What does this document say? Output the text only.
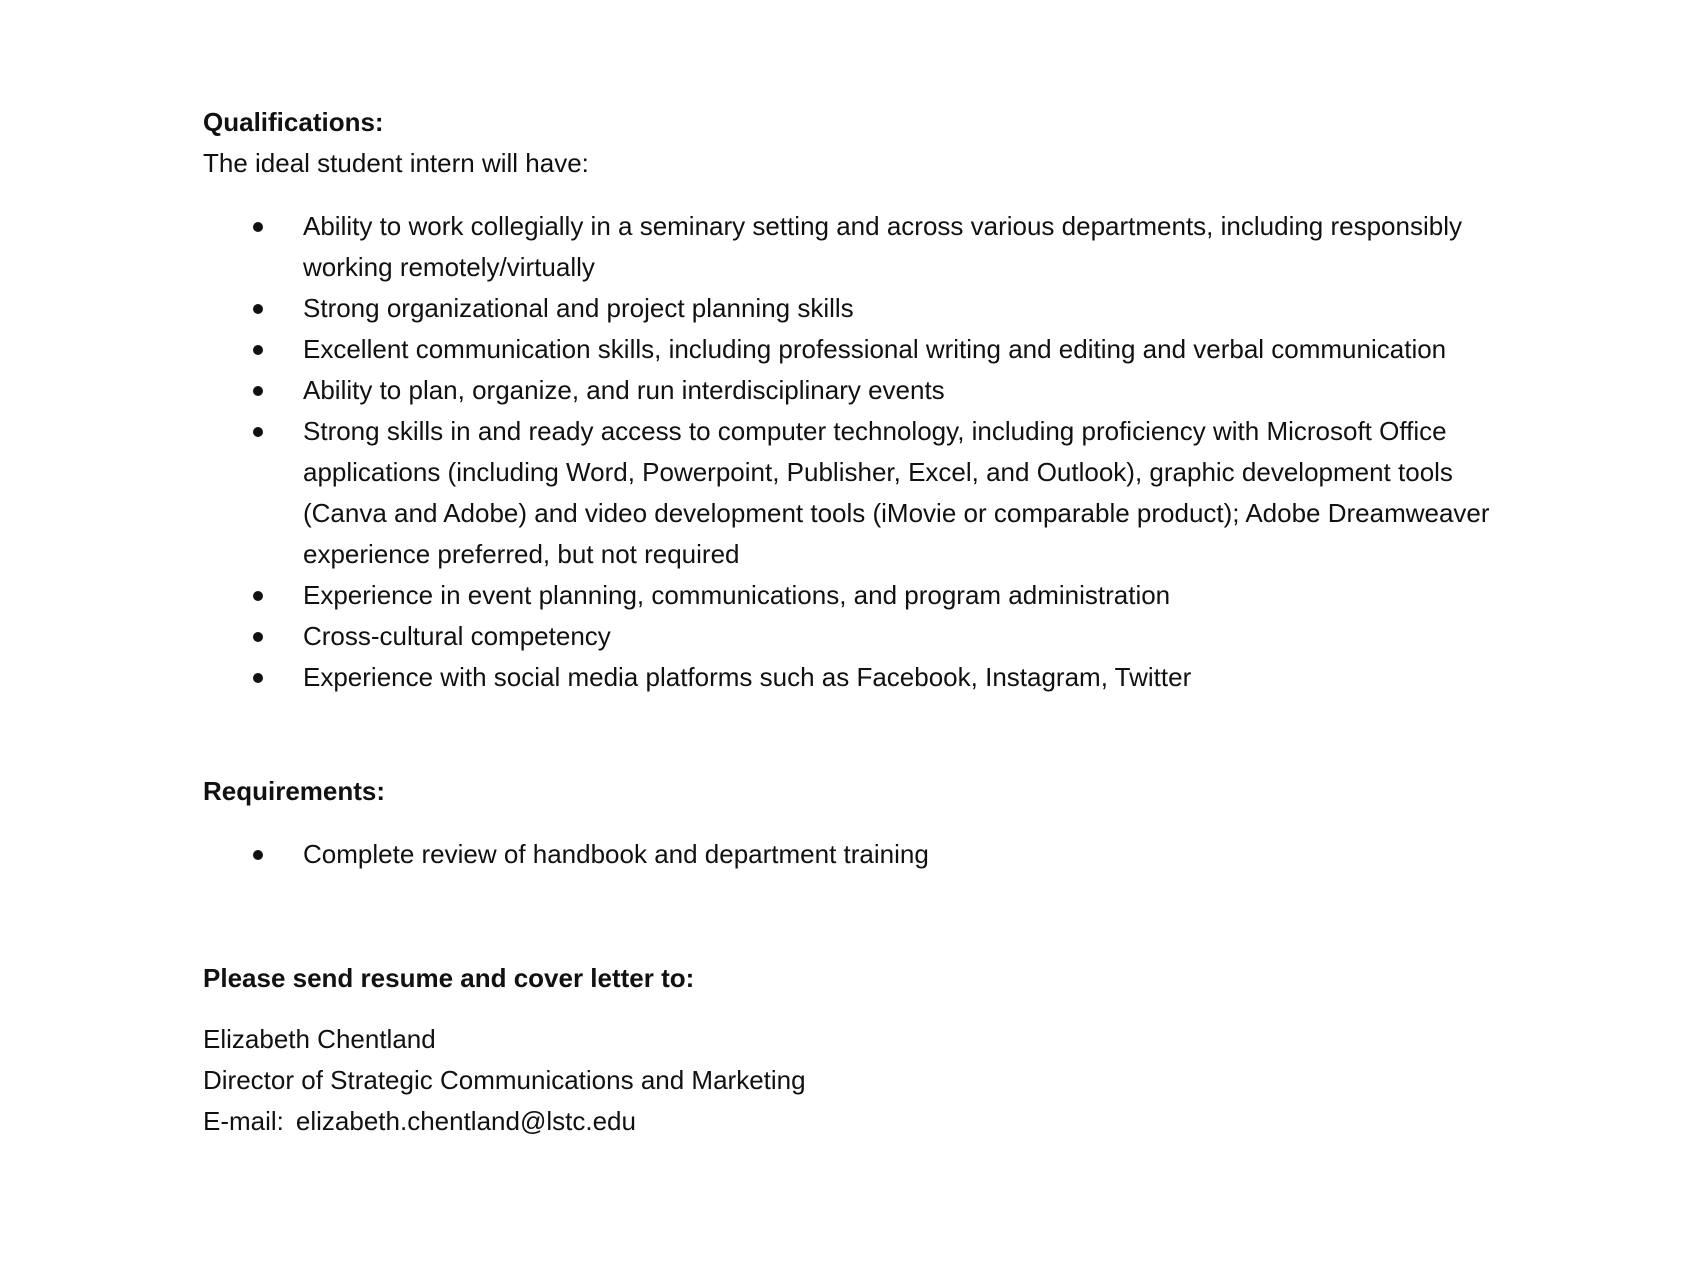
Qualifications:

The ideal student intern will have:

Ability to work collegially in a seminary setting and across various departments, including responsibly working remotely/virtually
Strong organizational and project planning skills
Excellent communication skills, including professional writing and editing and verbal communication
Ability to plan, organize, and run interdisciplinary events
Strong skills in and ready access to computer technology, including proficiency with Microsoft Office applications (including Word, Powerpoint, Publisher, Excel, and Outlook), graphic development tools (Canva and Adobe) and video development tools (iMovie or comparable product); Adobe Dreamweaver experience preferred, but not required
Experience in event planning, communications, and program administration
Cross-cultural competency
Experience with social media platforms such as Facebook, Instagram, Twitter

Requirements:

Complete review of handbook and department training

Please send resume and cover letter to:

Elizabeth Chentland

Director of Strategic Communications and Marketing

E-mail: elizabeth.chentland@lstc.edu
